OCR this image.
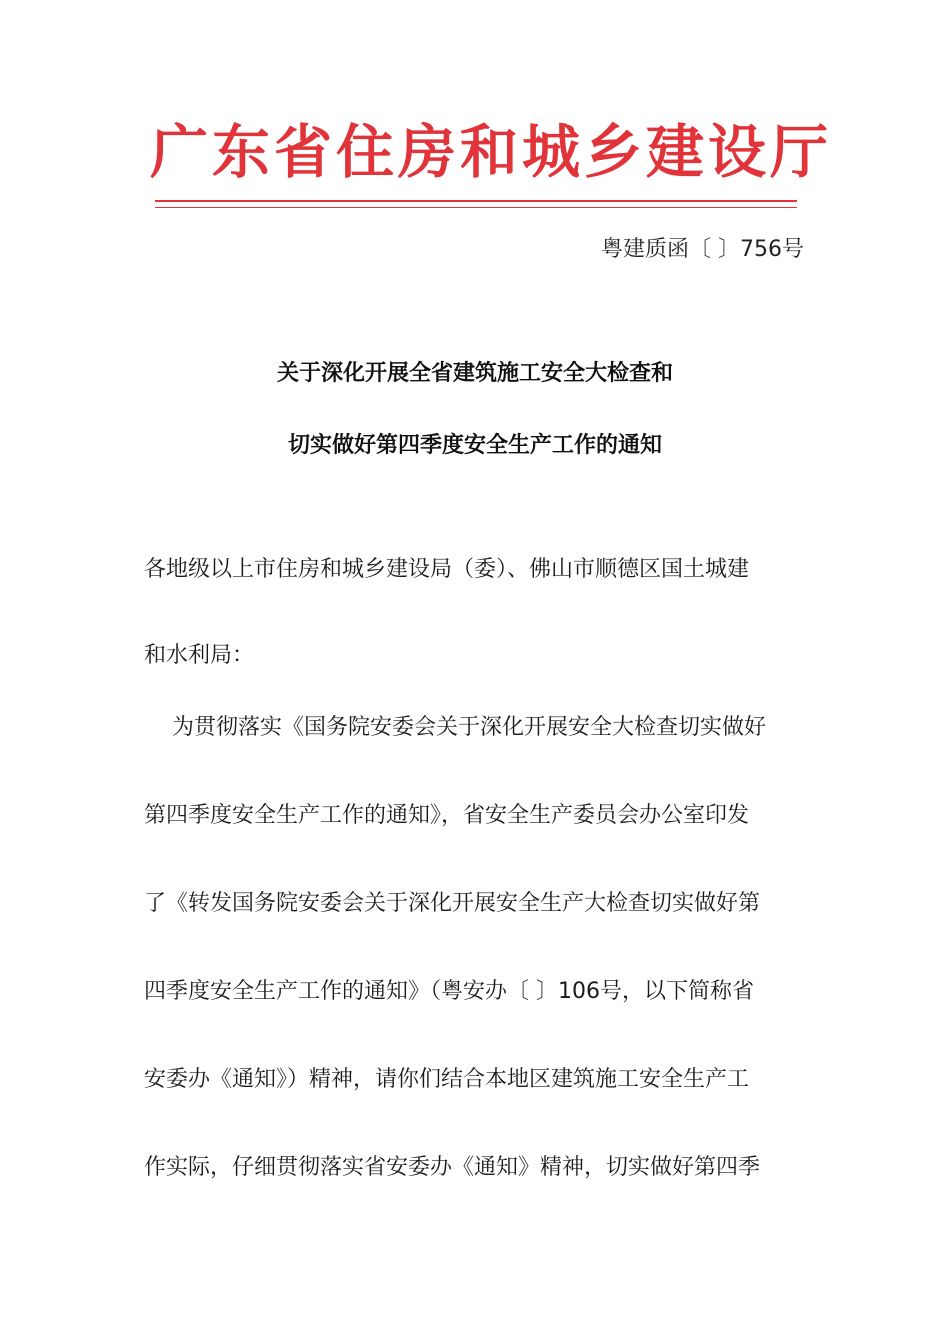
广东省住房和城乡建设厅
粤建质函〔 〕756号
关于深化开展全省建筑施工安全大检查和
切实做好第四季度安全生产工作的通知
各地级以上市住房和城乡建设局（委）、佛山市顺德区国土城建
和水利局：
为贯彻落实《国务院安委会关于深化开展安全大检查切实做好
第四季度安全生产工作的通知》，省安全生产委员会办公室印发
了《转发国务院安委会关于深化开展安全生产大检查切实做好第
四季度安全生产工作的通知》（粤安办〔 〕106号，以下简称省
安委办《通知》）精神，请你们结合本地区建筑施工安全生产工
作实际，仔细贯彻落实省安委办《通知》精神，切实做好第四季
